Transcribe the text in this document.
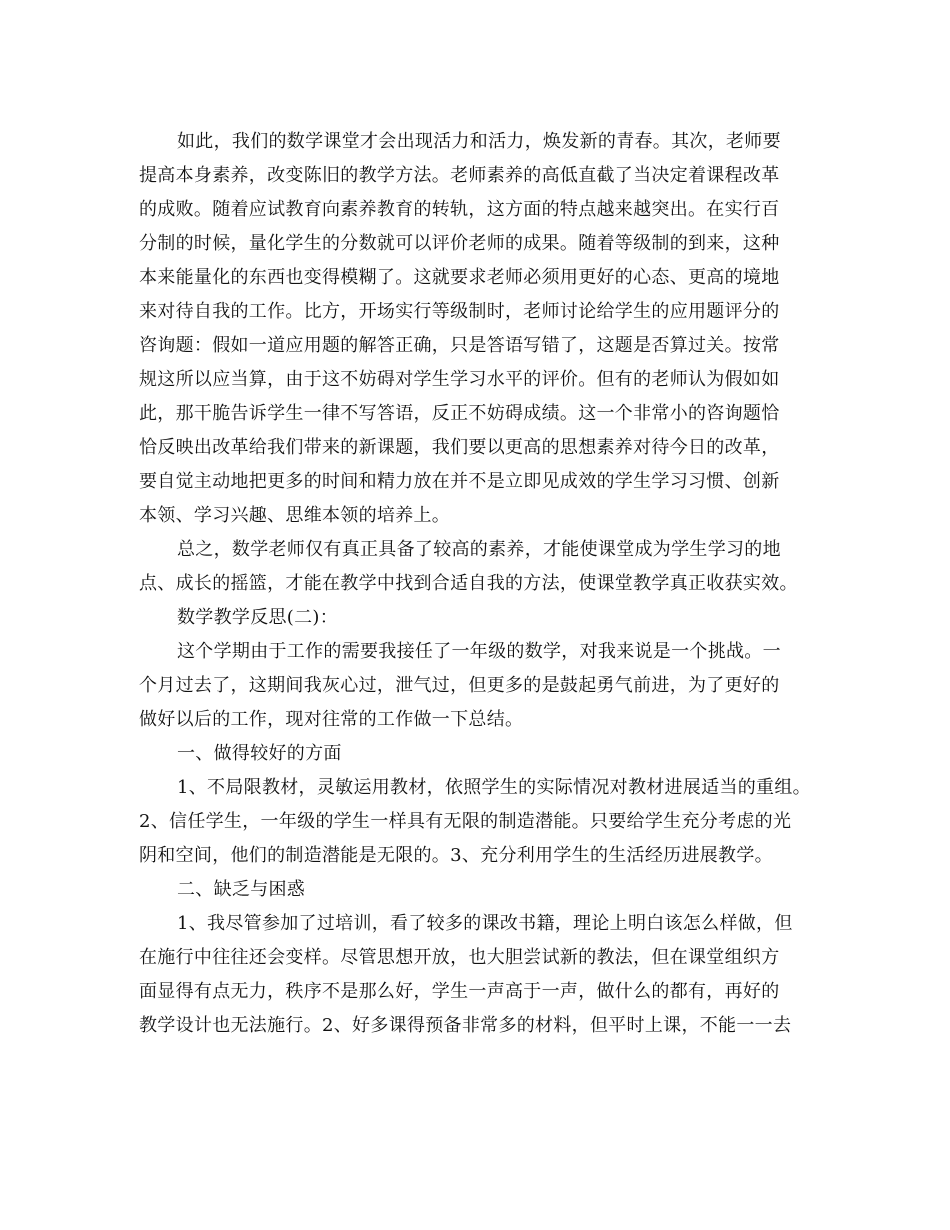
如此，我们的数学课堂才会出现活力和活力，焕发新的青春。其次，老师要
提高本身素养，改变陈旧的教学方法。老师素养的高低直截了当决定着课程改革
的成败。随着应试教育向素养教育的转轨，这方面的特点越来越突出。在实行百
分制的时候，量化学生的分数就可以评价老师的成果。随着等级制的到来，这种
本来能量化的东西也变得模糊了。这就要求老师必须用更好的心态、更高的境地
来对待自我的工作。比方，开场实行等级制时，老师讨论给学生的应用题评分的
咨询题：假如一道应用题的解答正确，只是答语写错了，这题是否算过关。按常
规这所以应当算，由于这不妨碍对学生学习水平的评价。但有的老师认为假如如
此，那干脆告诉学生一律不写答语，反正不妨碍成绩。这一个非常小的咨询题恰
恰反映出改革给我们带来的新课题，我们要以更高的思想素养对待今日的改革，
要自觉主动地把更多的时间和精力放在并不是立即见成效的学生学习习惯、创新
本领、学习兴趣、思维本领的培养上。
总之，数学老师仅有真正具备了较高的素养，才能使课堂成为学生学习的地
点、成长的摇篮，才能在教学中找到合适自我的方法，使课堂教学真正收获实效。
数学教学反思(二)：
这个学期由于工作的需要我接任了一年级的数学，对我来说是一个挑战。一
个月过去了，这期间我灰心过，泄气过，但更多的是鼓起勇气前进，为了更好的
做好以后的工作，现对往常的工作做一下总结。
一、做得较好的方面
1、不局限教材，灵敏运用教材，依照学生的实际情况对教材进展适当的重组。
2、信任学生，一年级的学生一样具有无限的制造潜能。只要给学生充分考虑的光
阴和空间，他们的制造潜能是无限的。3、充分利用学生的生活经历进展教学。
二、缺乏与困惑
1、我尽管参加了过培训，看了较多的课改书籍，理论上明白该怎么样做，但
在施行中往往还会变样。尽管思想开放，也大胆尝试新的教法，但在课堂组织方
面显得有点无力，秩序不是那么好，学生一声高于一声，做什么的都有，再好的
教学设计也无法施行。2、好多课得预备非常多的材料，但平时上课，不能一一去
